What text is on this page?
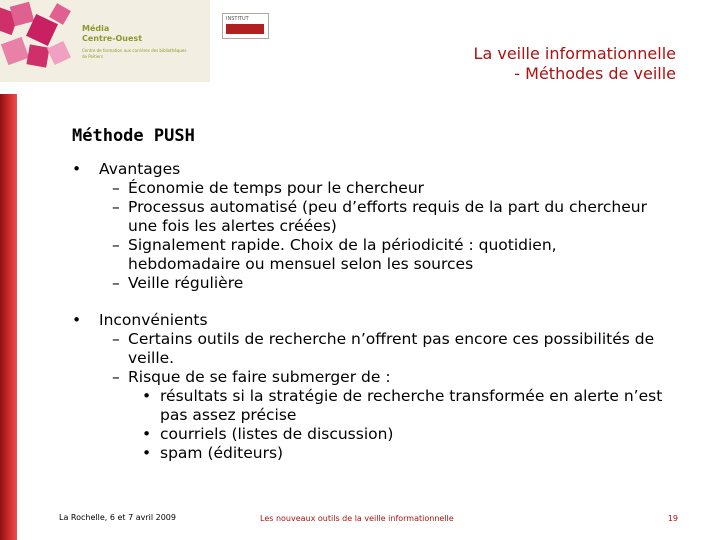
Média
Centre-Ouest
Centre de formation aux carrières des bibliothèques de Poitiers
INSTITUT
La veille informationnelle
- Méthodes de veille
Méthode PUSH
• Avantages
– Économie de temps pour le chercheur
– Processus automatisé (peu d’efforts requis de la part du chercheur une fois les alertes créées)
– Signalement rapide. Choix de la périodicité : quotidien, hebdomadaire ou mensuel selon les sources
– Veille régulière
• Inconvénients
– Certains outils de recherche n’offrent pas encore ces possibilités de veille.
– Risque de se faire submerger de :
• résultats si la stratégie de recherche transformée en alerte n’est pas assez précise
• courriels (listes de discussion)
• spam (éditeurs)
La Rochelle, 6 et 7 avril 2009	Les nouveaux outils de la veille informationnelle	19
